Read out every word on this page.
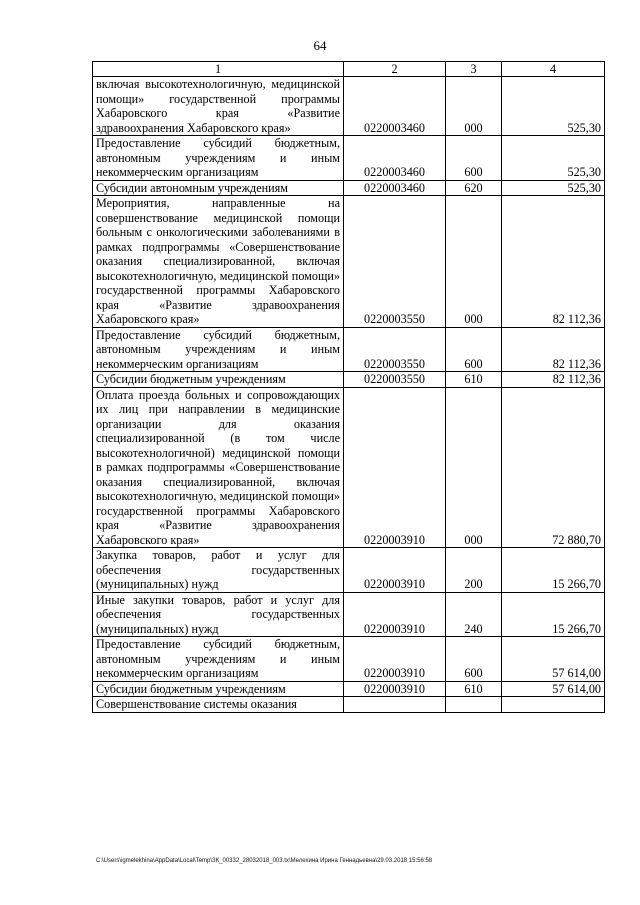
64
1	2	3	4
включая высокотехнологичную, медицинской помощи» государственной программы Хабаровского края «Развитие здравоохранения Хабаровского края»	0220003460	000	525,30
Предоставление субсидий бюджетным, автономным учреждениям и иным некоммерческим организациям	0220003460	600	525,30
Субсидии автономным учреждениям	0220003460	620	525,30
Мероприятия, направленные на совершенствование медицинской помощи больным с онкологическими заболеваниями в рамках подпрограммы «Совершенствование оказания специализированной, включая высокотехнологичную, медицинской помощи» государственной программы Хабаровского края «Развитие здравоохранения Хабаровского края»	0220003550	000	82 112,36
Предоставление субсидий бюджетным, автономным учреждениям и иным некоммерческим организациям	0220003550	600	82 112,36
Субсидии бюджетным учреждениям	0220003550	610	82 112,36
Оплата проезда больных и сопровождающих их лиц при направлении в медицинские организации для оказания специализированной (в том числе высокотехнологичной) медицинской помощи в рамках подпрограммы «Совершенствование оказания специализированной, включая высокотехнологичную, медицинской помощи» государственной программы Хабаровского края «Развитие здравоохранения Хабаровского края»	0220003910	000	72 880,70
Закупка товаров, работ и услуг для обеспечения государственных (муниципальных) нужд	0220003910	200	15 266,70
Иные закупки товаров, работ и услуг для обеспечения государственных (муниципальных) нужд	0220003910	240	15 266,70
Предоставление субсидий бюджетным, автономным учреждениям и иным некоммерческим организациям	0220003910	600	57 614,00
Субсидии бюджетным учреждениям	0220003910	610	57 614,00
Совершенствование системы оказания			
C:\Users\igmelekhina\AppData\Local\Temp\ЗК_00332_28032018_003.tx\Мелехина Ирина Геннадьевна\29.03.2018 15:56:58
